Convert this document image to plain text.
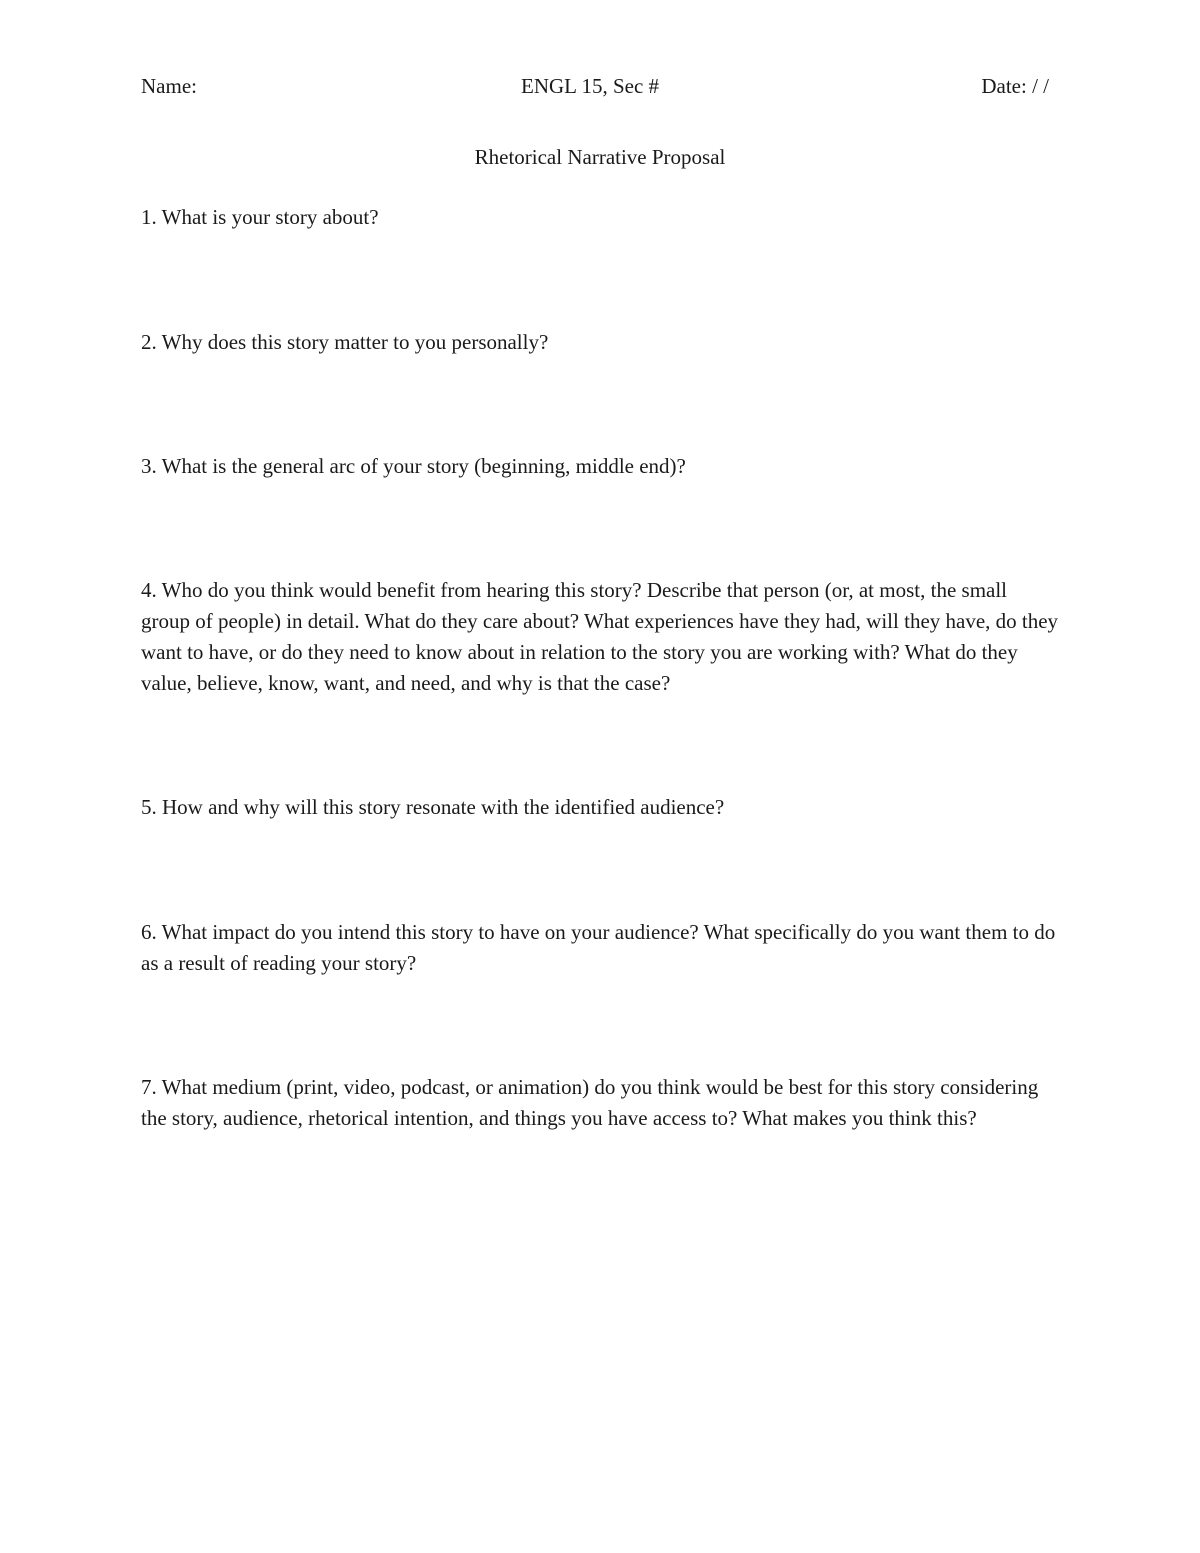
Name:	ENGL 15, Sec #	Date: / /
Rhetorical Narrative Proposal

1. What is your story about?

2. Why does this story matter to you personally?

3. What is the general arc of your story (beginning, middle end)?

4. Who do you think would benefit from hearing this story? Describe that person (or, at most, the small group of people) in detail. What do they care about? What experiences have they had, will they have, do they want to have, or do they need to know about in relation to the story you are working with? What do they value, believe, know, want, and need, and why is that the case?

5. How and why will this story resonate with the identified audience?

6. What impact do you intend this story to have on your audience? What specifically do you want them to do as a result of reading your story?

7. What medium (print, video, podcast, or animation) do you think would be best for this story considering the story, audience, rhetorical intention, and things you have access to? What makes you think this?
